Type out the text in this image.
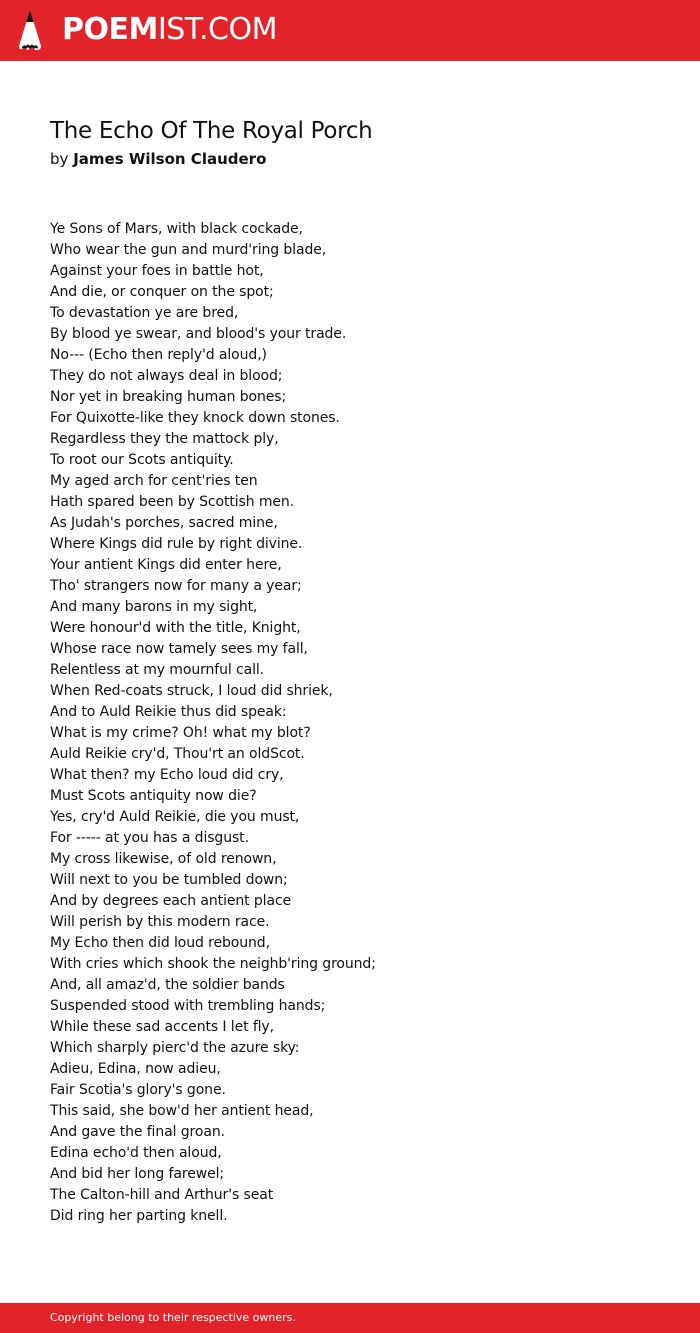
POEMIST.COM
The Echo Of The Royal Porch
by James Wilson Claudero
Ye Sons of Mars, with black cockade,
Who wear the gun and murd'ring blade,
Against your foes in battle hot,
And die, or conquer on the spot;
To devastation ye are bred,
By blood ye swear, and blood's your trade.
No--- (Echo then reply'd aloud,)
They do not always deal in blood;
Nor yet in breaking human bones;
For Quixotte-like they knock down stones.
Regardless they the mattock ply,
To root our Scots antiquity.
My aged arch for cent'ries ten
Hath spared been by Scottish men.
As Judah's porches, sacred mine,
Where Kings did rule by right divine.
Your antient Kings did enter here,
Tho' strangers now for many a year;
And many barons in my sight,
Were honour'd with the title, Knight,
Whose race now tamely sees my fall,
Relentless at my mournful call.
When Red-coats struck, I loud did shriek,
And to Auld Reikie thus did speak:
What is my crime? Oh! what my blot?
Auld Reikie cry'd, Thou'rt an oldScot.
What then? my Echo loud did cry,
Must Scots antiquity now die?
Yes, cry'd Auld Reikie, die you must,
For ----- at you has a disgust.
My cross likewise, of old renown,
Will next to you be tumbled down;
And by degrees each antient place
Will perish by this modern race.
My Echo then did loud rebound,
With cries which shook the neighb'ring ground;
And, all amaz'd, the soldier bands
Suspended stood with trembling hands;
While these sad accents I let fly,
Which sharply pierc'd the azure sky:
Adieu, Edina, now adieu,
Fair Scotia's glory's gone.
This said, she bow'd her antient head,
And gave the final groan.
Edina echo'd then aloud,
And bid her long farewel;
The Calton-hill and Arthur's seat
Did ring her parting knell.
Copyright belong to their respective owners.
